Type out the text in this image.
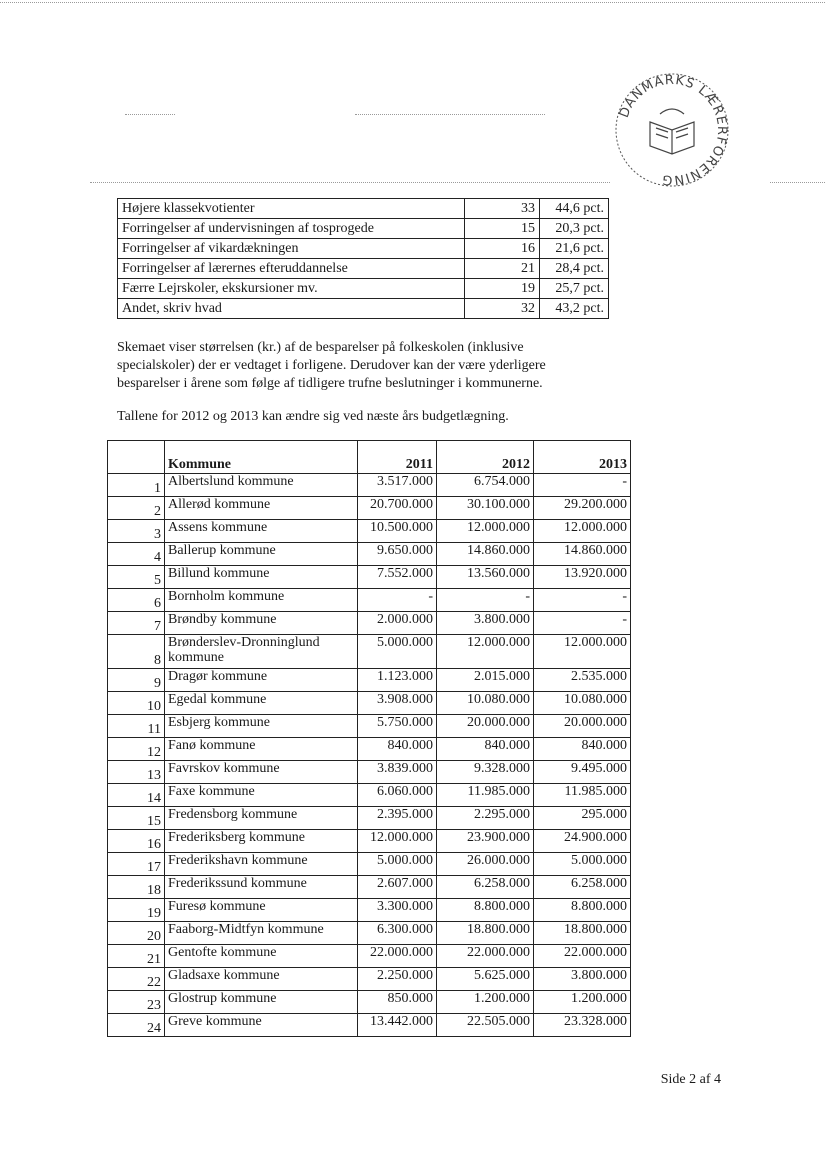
DANMARKS LÆRERFORENING
Højere klassekvotienter	33	44,6 pct.
Forringelser af undervisningen af tosprogede	15	20,3 pct.
Forringelser af vikardækningen	16	21,6 pct.
Forringelser af lærernes efteruddannelse	21	28,4 pct.
Færre Lejrskoler, ekskursioner mv.	19	25,7 pct.
Andet, skriv hvad	32	43,2 pct.

Skemaet viser størrelsen (kr.) af de besparelser på folkeskolen (inklusive specialskoler) der er vedtaget i forligene. Derudover kan der være yderligere besparelser i årene som følge af tidligere trufne beslutninger i kommunerne.

Tallene for 2012 og 2013 kan ændre sig ved næste års budgetlægning.

	Kommune	2011	2012	2013
1	Albertslund kommune	3.517.000	6.754.000	-
2	Allerød kommune	20.700.000	30.100.000	29.200.000
3	Assens kommune	10.500.000	12.000.000	12.000.000
4	Ballerup kommune	9.650.000	14.860.000	14.860.000
5	Billund kommune	7.552.000	13.560.000	13.920.000
6	Bornholm kommune	-	-	-
7	Brøndby kommune	2.000.000	3.800.000	-
8	Brønderslev-Dronninglund kommune	5.000.000	12.000.000	12.000.000
9	Dragør kommune	1.123.000	2.015.000	2.535.000
10	Egedal kommune	3.908.000	10.080.000	10.080.000
11	Esbjerg kommune	5.750.000	20.000.000	20.000.000
12	Fanø kommune	840.000	840.000	840.000
13	Favrskov kommune	3.839.000	9.328.000	9.495.000
14	Faxe kommune	6.060.000	11.985.000	11.985.000
15	Fredensborg kommune	2.395.000	2.295.000	295.000
16	Frederiksberg kommune	12.000.000	23.900.000	24.900.000
17	Frederikshavn kommune	5.000.000	26.000.000	5.000.000
18	Frederikssund kommune	2.607.000	6.258.000	6.258.000
19	Furesø kommune	3.300.000	8.800.000	8.800.000
20	Faaborg-Midtfyn kommune	6.300.000	18.800.000	18.800.000
21	Gentofte kommune	22.000.000	22.000.000	22.000.000
22	Gladsaxe kommune	2.250.000	5.625.000	3.800.000
23	Glostrup kommune	850.000	1.200.000	1.200.000
24	Greve kommune	13.442.000	22.505.000	23.328.000
Side 2 af 4
